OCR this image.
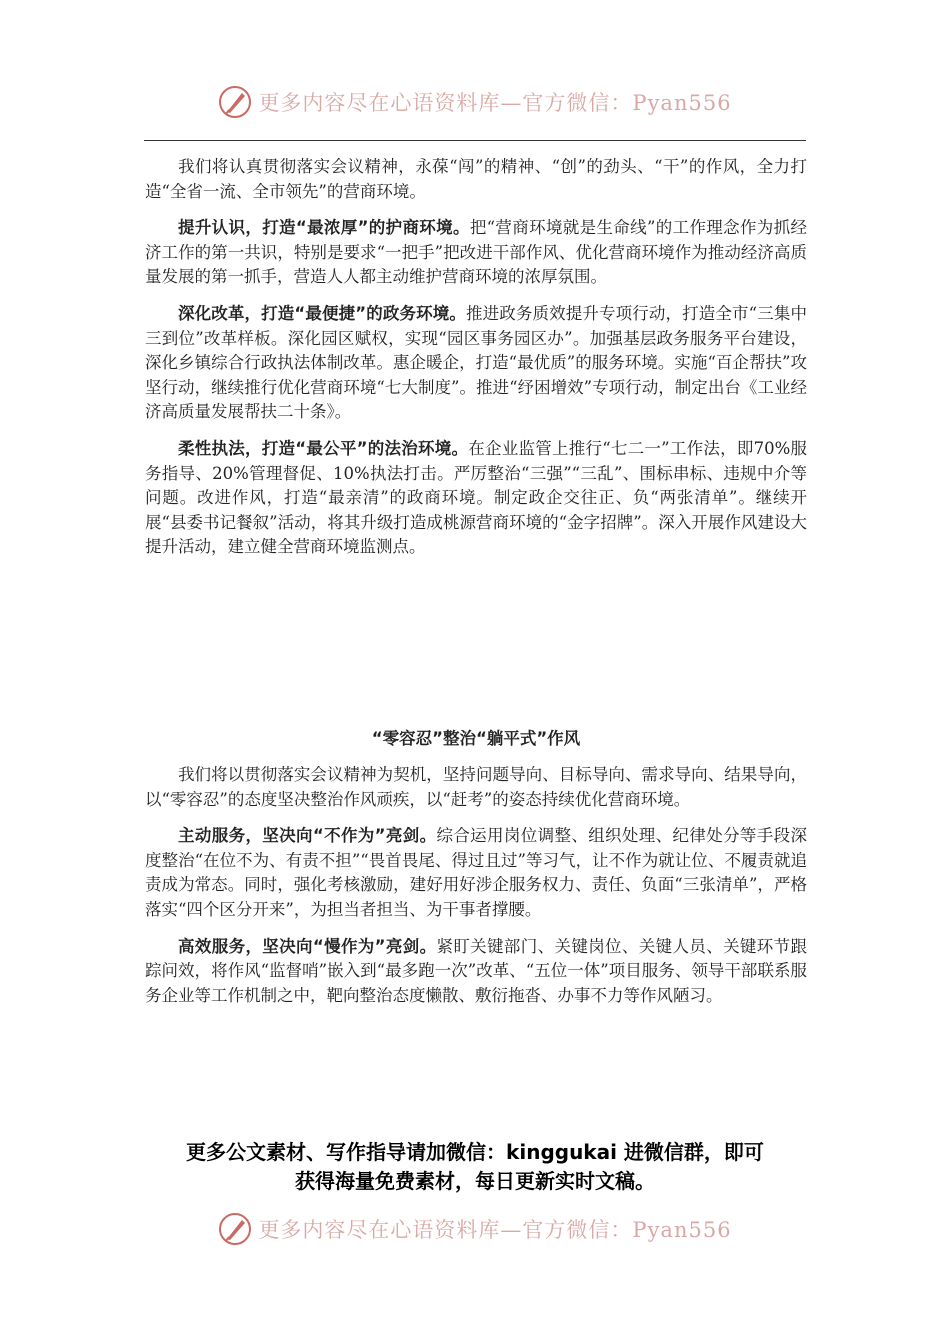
更多内容尽在心语资料库—官方微信：Pyan556

我们将认真贯彻落实会议精神，永葆“闯”的精神、“创”的劲头、“干”的作风，全力打造“全省一流、全市领先”的营商环境。

提升认识，打造“最浓厚”的护商环境。把“营商环境就是生命线”的工作理念作为抓经济工作的第一共识，特别是要求“一把手”把改进干部作风、优化营商环境作为推动经济高质量发展的第一抓手，营造人人都主动维护营商环境的浓厚氛围。

深化改革，打造“最便捷”的政务环境。推进政务质效提升专项行动，打造全市“三集中三到位”改革样板。深化园区赋权，实现“园区事务园区办”。加强基层政务服务平台建设，深化乡镇综合行政执法体制改革。惠企暖企，打造“最优质”的服务环境。实施“百企帮扶”攻坚行动，继续推行优化营商环境“七大制度”。推进“纾困增效”专项行动，制定出台《工业经济高质量发展帮扶二十条》。

柔性执法，打造“最公平”的法治环境。在企业监管上推行“七二一”工作法，即70%服务指导、20%管理督促、10%执法打击。严厉整治“三强”“三乱”、围标串标、违规中介等问题。改进作风，打造“最亲清”的政商环境。制定政企交往正、负“两张清单”。继续开展“县委书记餐叙”活动，将其升级打造成桃源营商环境的“金字招牌”。深入开展作风建设大提升活动，建立健全营商环境监测点。

“零容忍”整治“躺平式”作风

我们将以贯彻落实会议精神为契机，坚持问题导向、目标导向、需求导向、结果导向，以“零容忍”的态度坚决整治作风顽疾，以“赶考”的姿态持续优化营商环境。

主动服务，坚决向“不作为”亮剑。综合运用岗位调整、组织处理、纪律处分等手段深度整治“在位不为、有责不担”“畏首畏尾、得过且过”等习气，让不作为就让位、不履责就追责成为常态。同时，强化考核激励，建好用好涉企服务权力、责任、负面“三张清单”，严格落实“四个区分开来”，为担当者担当、为干事者撑腰。

高效服务，坚决向“慢作为”亮剑。紧盯关键部门、关键岗位、关键人员、关键环节跟踪问效，将作风“监督哨”嵌入到“最多跑一次”改革、“五位一体”项目服务、领导干部联系服务企业等工作机制之中，靶向整治态度懒散、敷衍拖沓、办事不力等作风陋习。

更多公文素材、写作指导请加微信：kinggukai 进微信群，即可
获得海量免费素材，每日更新实时文稿。
更多内容尽在心语资料库—官方微信：Pyan556
